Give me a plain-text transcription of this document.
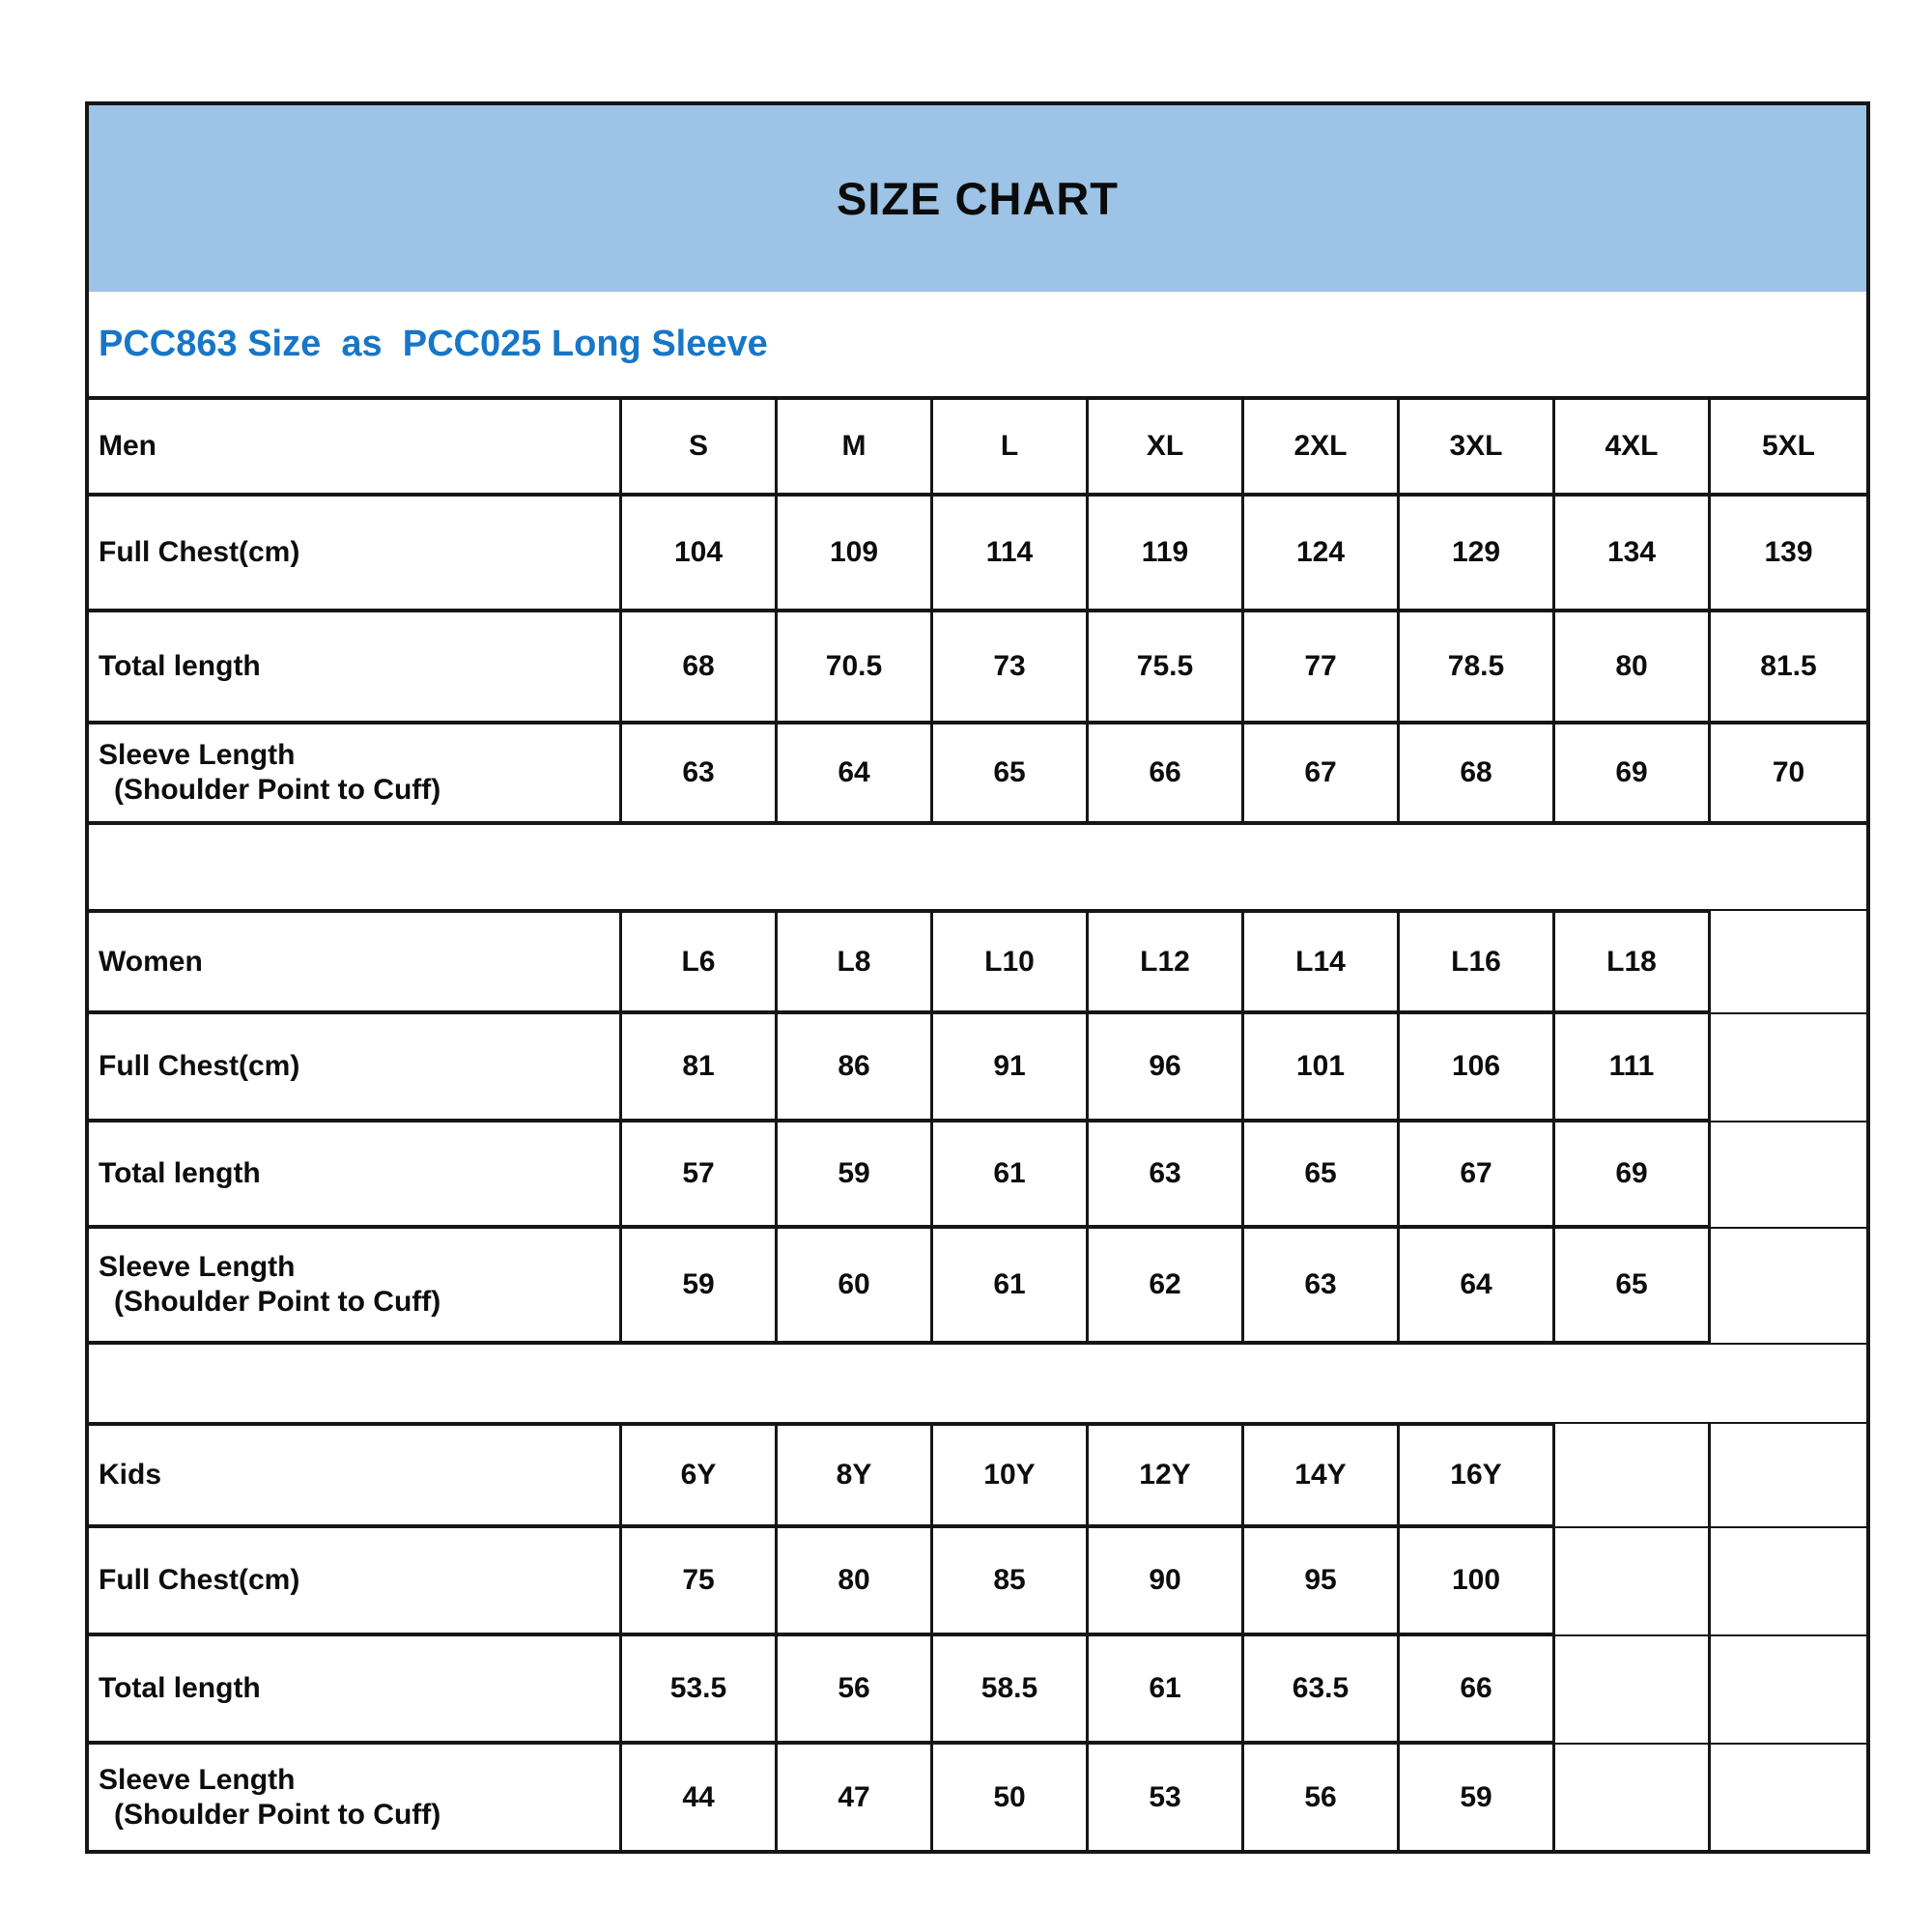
SIZE CHART
PCC863 Size  as  PCC025 Long Sleeve
Men	S	M	L	XL	2XL	3XL	4XL	5XL
Full Chest(cm)	104	109	114	119	124	129	134	139
Total length	68	70.5	73	75.5	77	78.5	80	81.5
Sleeve Length
(Shoulder Point to Cuff)
63	64	65	66	67	68	69	70
Women	L6	L8	L10	L12	L14	L16	L18
Full Chest(cm)	81	86	91	96	101	106	111
Total length	57	59	61	63	65	67	69
Sleeve Length
(Shoulder Point to Cuff)
59	60	61	62	63	64	65
Kids	6Y	8Y	10Y	12Y	14Y	16Y
Full Chest(cm)	75	80	85	90	95	100
Total length	53.5	56	58.5	61	63.5	66
Sleeve Length
(Shoulder Point to Cuff)
44	47	50	53	56	59
